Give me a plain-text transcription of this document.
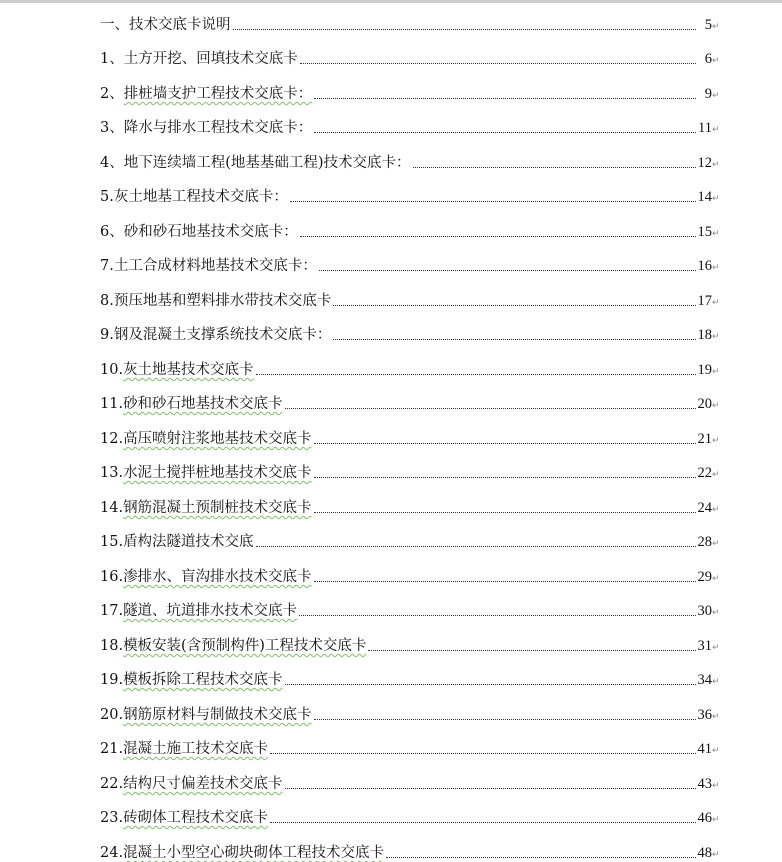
一、技术交底卡说明	5 ↵
1、土方开挖、回填技术交底卡	6 ↵
2、排桩墙支护工程技术交底卡：	9 ↵
3、降水与排水工程技术交底卡：	11 ↵
4、地下连续墙工程(地基基础工程)技术交底卡：	12 ↵
5.灰土地基工程技术交底卡：	14 ↵
6、砂和砂石地基技术交底卡：	15 ↵
7.土工合成材料地基技术交底卡：	16 ↵
8.预压地基和塑料排水带技术交底卡	17 ↵
9.钢及混凝土支撑系统技术交底卡：	18 ↵
10.灰土地基技术交底卡	19 ↵
11.砂和砂石地基技术交底卡	20 ↵
12.高压喷射注浆地基技术交底卡	21 ↵
13.水泥土搅拌桩地基技术交底卡	22 ↵
14.钢筋混凝土预制桩技术交底卡	24 ↵
15.盾构法隧道技术交底	28 ↵
16.渗排水、盲沟排水技术交底卡	29 ↵
17.隧道、坑道排水技术交底卡	30 ↵
18.模板安装(含预制构件)工程技术交底卡	31 ↵
19.模板拆除工程技术交底卡	34 ↵
20.钢筋原材料与制做技术交底卡	36 ↵
21.混凝土施工技术交底卡	41 ↵
22.结构尺寸偏差技术交底卡	43 ↵
23.砖砌体工程技术交底卡	46 ↵
24.混凝土小型空心砌块砌体工程技术交底卡	48 ↵
